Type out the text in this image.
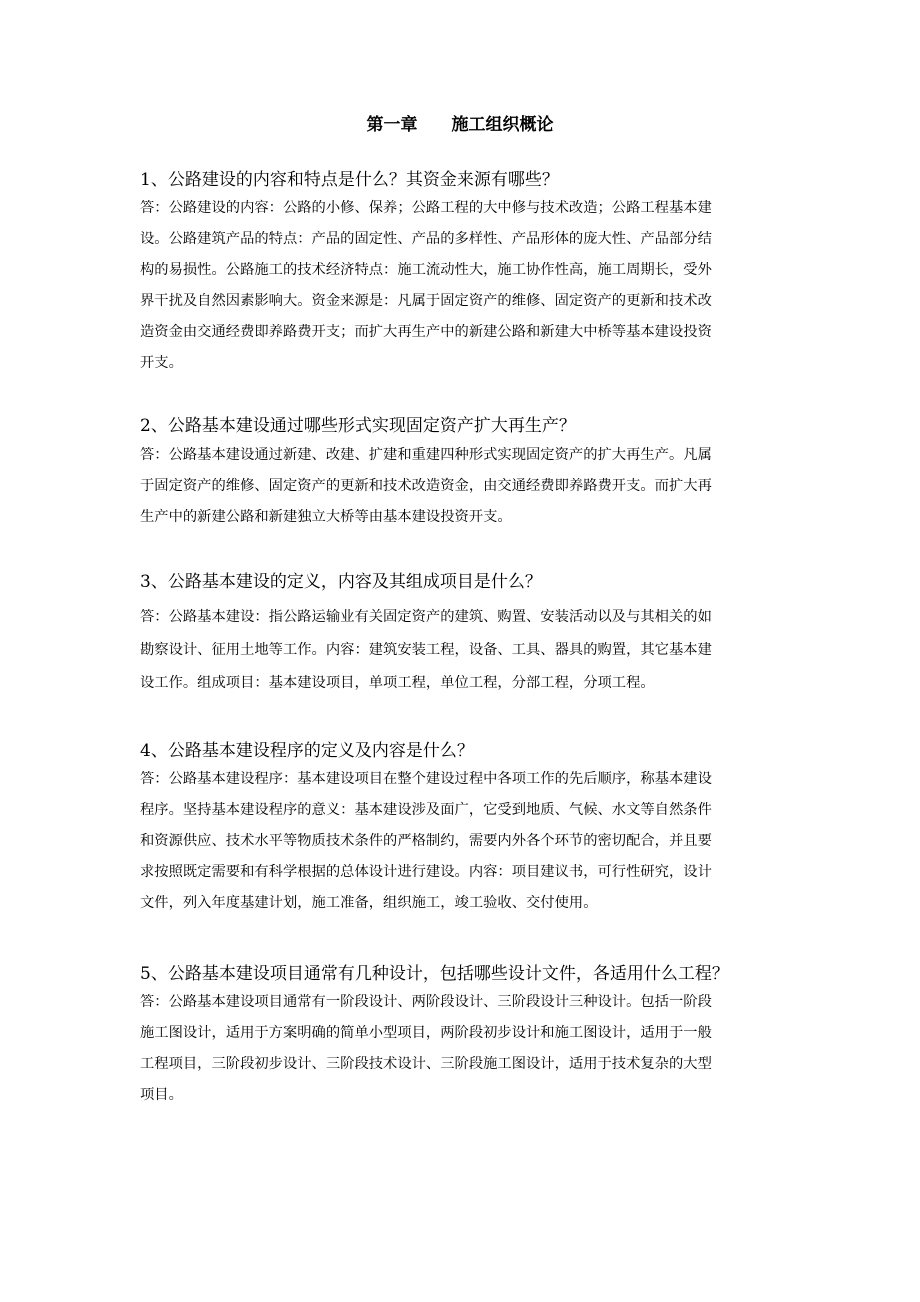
第一章　　施工组织概论
1、公路建设的内容和特点是什么？其资金来源有哪些？
答：公路建设的内容：公路的小修、保养；公路工程的大中修与技术改造；公路工程基本建
设。公路建筑产品的特点：产品的固定性、产品的多样性、产品形体的庞大性、产品部分结
构的易损性。公路施工的技术经济特点：施工流动性大，施工协作性高，施工周期长，受外
界干扰及自然因素影响大。资金来源是：凡属于固定资产的维修、固定资产的更新和技术改
造资金由交通经费即养路费开支；而扩大再生产中的新建公路和新建大中桥等基本建设投资
开支。
2、公路基本建设通过哪些形式实现固定资产扩大再生产？
答：公路基本建设通过新建、改建、扩建和重建四种形式实现固定资产的扩大再生产。凡属
于固定资产的维修、固定资产的更新和技术改造资金，由交通经费即养路费开支。而扩大再
生产中的新建公路和新建独立大桥等由基本建设投资开支。
3、公路基本建设的定义，内容及其组成项目是什么？
答：公路基本建设：指公路运输业有关固定资产的建筑、购置、安装活动以及与其相关的如
勘察设计、征用土地等工作。内容：建筑安装工程，设备、工具、器具的购置，其它基本建
设工作。组成项目：基本建设项目，单项工程，单位工程，分部工程，分项工程。
4、公路基本建设程序的定义及内容是什么？
答：公路基本建设程序：基本建设项目在整个建设过程中各项工作的先后顺序，称基本建设
程序。坚持基本建设程序的意义：基本建设涉及面广，它受到地质、气候、水文等自然条件
和资源供应、技术水平等物质技术条件的严格制约，需要内外各个环节的密切配合，并且要
求按照既定需要和有科学根据的总体设计进行建设。内容：项目建议书，可行性研究，设计
文件，列入年度基建计划，施工准备，组织施工，竣工验收、交付使用。
5、公路基本建设项目通常有几种设计，包括哪些设计文件，各适用什么工程？
答：公路基本建设项目通常有一阶段设计、两阶段设计、三阶段设计三种设计。包括一阶段
施工图设计，适用于方案明确的简单小型项目，两阶段初步设计和施工图设计，适用于一般
工程项目，三阶段初步设计、三阶段技术设计、三阶段施工图设计，适用于技术复杂的大型
项目。
